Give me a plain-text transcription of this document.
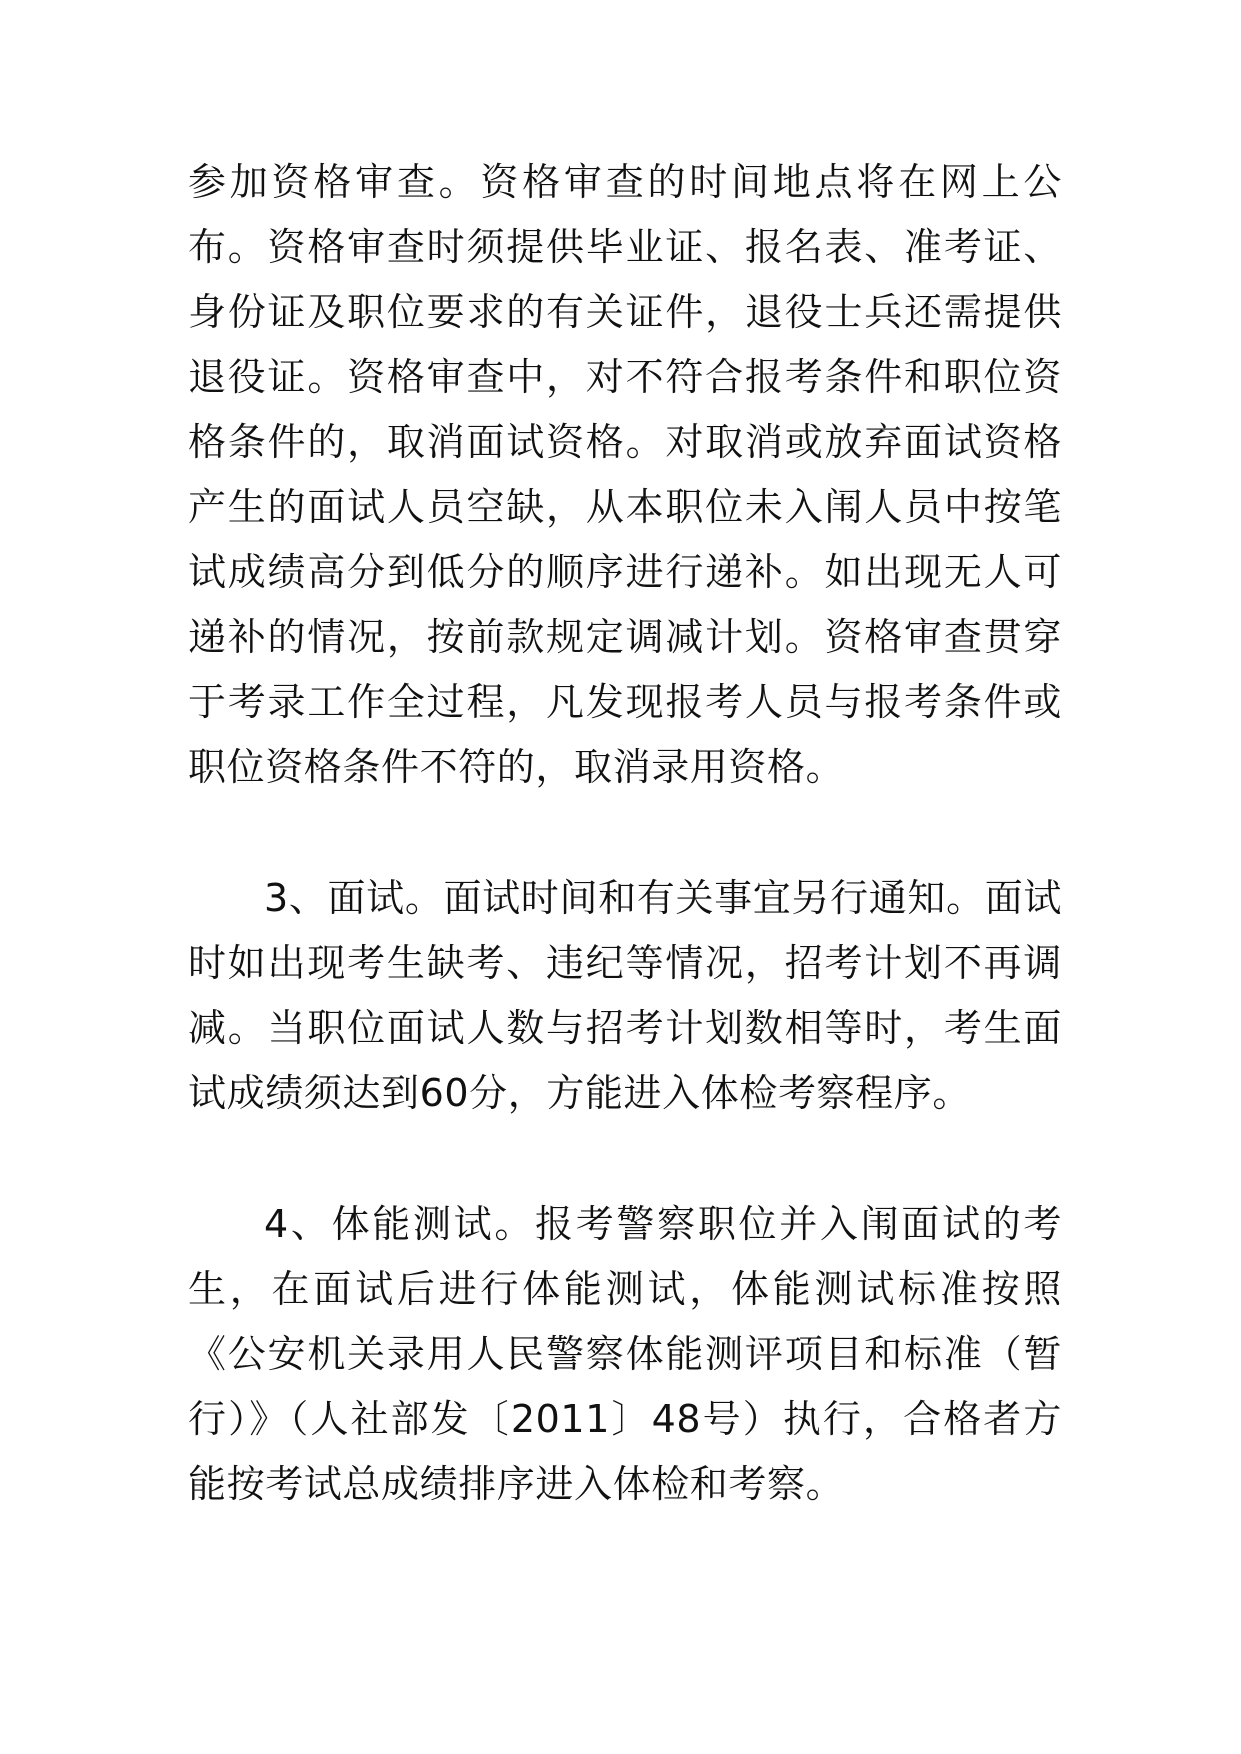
参加资格审查。资格审查的时间地点将在网上公布。资格审查时须提供毕业证、报名表、准考证、身份证及职位要求的有关证件，退役士兵还需提供退役证。资格审查中，对不符合报考条件和职位资格条件的，取消面试资格。对取消或放弃面试资格产生的面试人员空缺，从本职位未入闱人员中按笔试成绩高分到低分的顺序进行递补。如出现无人可递补的情况，按前款规定调减计划。资格审查贯穿于考录工作全过程，凡发现报考人员与报考条件或职位资格条件不符的，取消录用资格。

3、面试。面试时间和有关事宜另行通知。面试时如出现考生缺考、违纪等情况，招考计划不再调减。当职位面试人数与招考计划数相等时，考生面试成绩须达到60分，方能进入体检考察程序。

4、体能测试。报考警察职位并入闱面试的考生，在面试后进行体能测试，体能测试标准按照《公安机关录用人民警察体能测评项目和标准（暂行）》（人社部发〔2011〕48号）执行，合格者方能按考试总成绩排序进入体检和考察。
